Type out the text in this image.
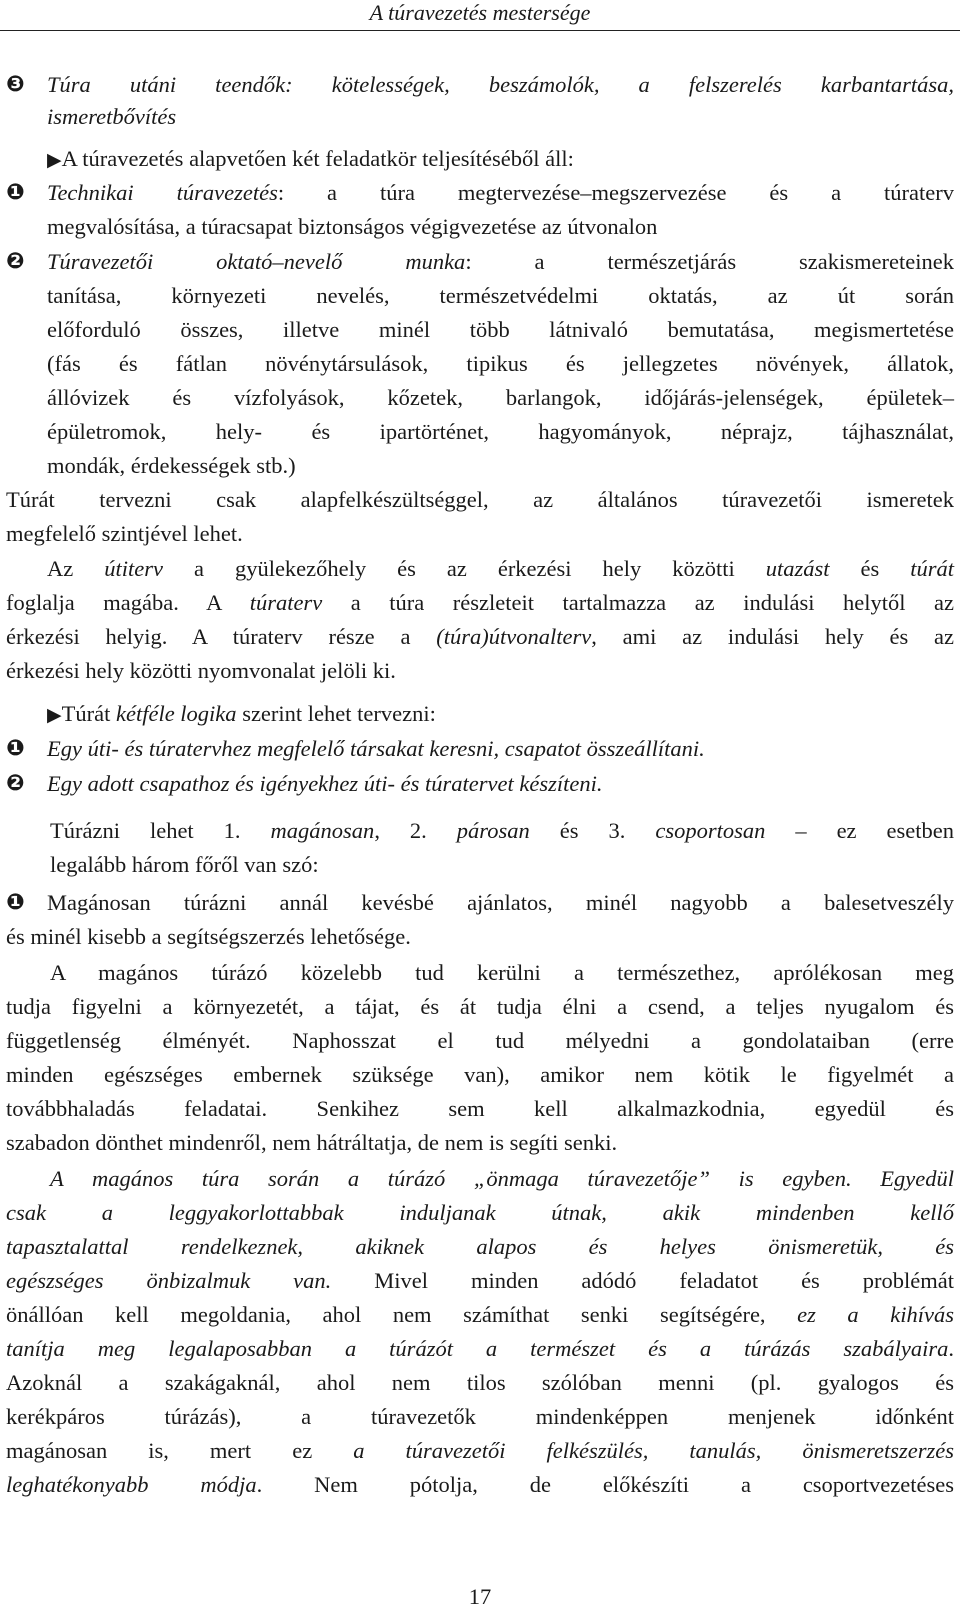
A túravezetés mestersége
❸ Túra utáni teendők: kötelességek, beszámolók, a felszerelés karbantartása,
ismeretbővítés
▶A túravezetés alapvetően két feladatkör teljesítéséből áll:
❶ Technikai túravezetés: a túra megtervezése–megszervezése és a túraterv
megvalósítása, a túracsapat biztonságos végigvezetése az útvonalon
❷ Túravezetői oktató–nevelő munka: a természetjárás szakismereteinek
tanítása, környezeti nevelés, természetvédelmi oktatás, az út során
előforduló összes, illetve minél több látnivaló bemutatása, megismertetése
(fás és fátlan növénytársulások, tipikus és jellegzetes növények, állatok,
állóvizek és vízfolyások, kőzetek, barlangok, időjárás-jelenségek, épületek–
épületromok, hely- és ipartörténet, hagyományok, néprajz, tájhasználat,
mondák, érdekességek stb.)
Túrát tervezni csak alapfelkészültséggel, az általános túravezetői ismeretek
megfelelő szintjével lehet.
Az útiterv a gyülekezőhely és az érkezési hely közötti utazást és túrát
foglalja magába. A túraterv a túra részleteit tartalmazza az indulási helytől az
érkezési helyig. A túraterv része a (túra)útvonalterv, ami az indulási hely és az
érkezési hely közötti nyomvonalat jelöli ki.
▶Túrát kétféle logika szerint lehet tervezni:
❶ Egy úti- és túratervhez megfelelő társakat keresni, csapatot összeállítani.
❷ Egy adott csapathoz és igényekhez úti- és túratervet készíteni.
Túrázni lehet 1. magánosan, 2. párosan és 3. csoportosan – ez esetben
legalább három főről van szó:
❶ Magánosan túrázni annál kevésbé ajánlatos, minél nagyobb a balesetveszély
és minél kisebb a segítségszerzés lehetősége.
A magános túrázó közelebb tud kerülni a természethez, aprólékosan meg
tudja figyelni a környezetét, a tájat, és át tudja élni a csend, a teljes nyugalom és
függetlenség élményét. Naphosszat el tud mélyedni a gondolataiban (erre
minden egészséges embernek szüksége van), amikor nem kötik le figyelmét a
továbbhaladás feladatai. Senkihez sem kell alkalmazkodnia, egyedül és
szabadon dönthet mindenről, nem hátráltatja, de nem is segíti senki.
A magános túra során a túrázó „önmaga túravezetője” is egyben. Egyedül
csak a leggyakorlottabbak induljanak útnak, akik mindenben kellő
tapasztalattal rendelkeznek, akiknek alapos és helyes önismeretük, és
egészséges önbizalmuk van. Mivel minden adódó feladatot és problémát
önállóan kell megoldania, ahol nem számíthat senki segítségére, ez a kihívás
tanítja meg legalaposabban a túrázót a természet és a túrázás szabályaira.
Azoknál a szakágaknál, ahol nem tilos szólóban menni (pl. gyalogos és
kerékpáros túrázás), a túravezetők mindenképpen menjenek időnként
magánosan is, mert ez a túravezetői felkészülés, tanulás, önismeretszerzés
leghatékonyabb módja. Nem pótolja, de előkészíti a csoportvezetéses
17
